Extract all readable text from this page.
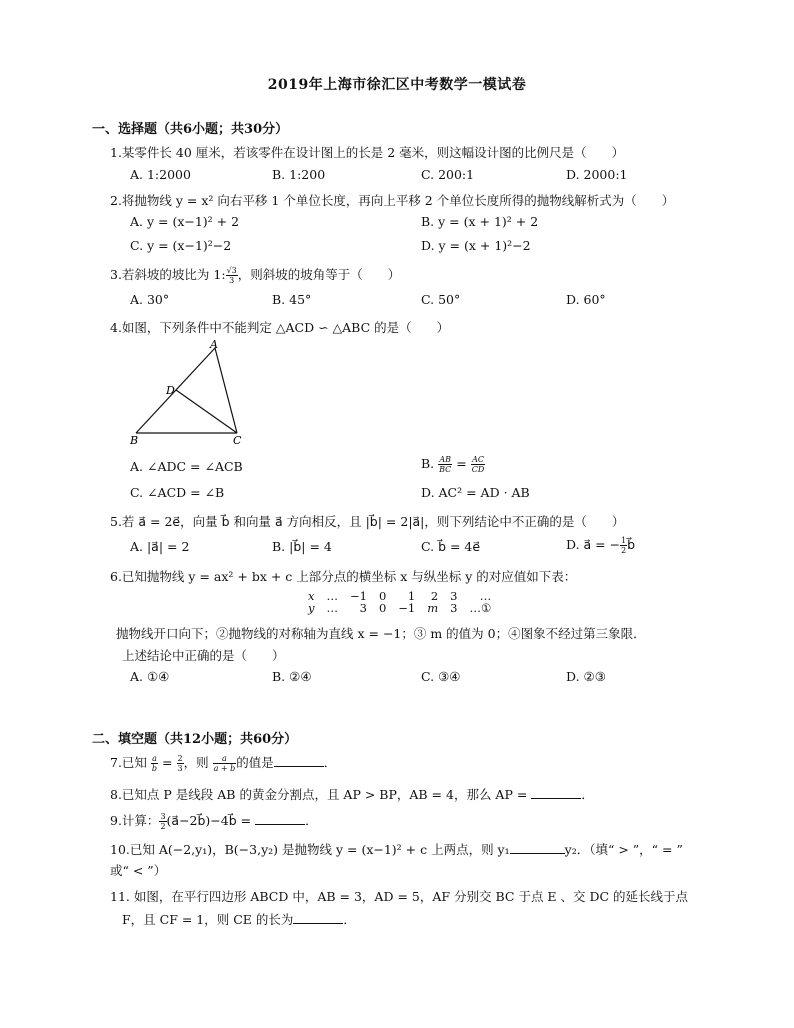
2019年上海市徐汇区中考数学一模试卷
一、选择题（共6小题；共30分）
1.某零件长 40 厘米，若该零件在设计图上的长是 2 毫米，则这幅设计图的比例尺是（　　）
A. 1:2000	B. 1:200	C. 200:1	D. 2000:1
2.将抛物线 y = x² 向右平移 1 个单位长度，再向上平移 2 个单位长度所得的抛物线解析式为（　　）
A. y = (x−1)² + 2	B. y = (x + 1)² + 2
C. y = (x−1)²−2	D. y = (x + 1)²−2
3.若斜坡的坡比为 1: $\frac{√3}{3}$ ，则斜坡的坡角等于（　　）
A. 30°	B. 45°	C. 50°	D. 60°
4.如图，下列条件中不能判定 △ACD ∽ △ABC 的是（　　）
A
D
B	C
A. ∠ADC = ∠ACB	B. $\frac{AB}{BC} = \frac{AC}{CD}$
C. ∠ACD = ∠B	D. AC² = AD · AB
5.若 a⃗ = 2e⃗，向量 b⃗ 和向量 a⃗ 方向相反，且 |b⃗| = 2|a⃗|，则下列结论中不正确的是（　　）
A. |a⃗| = 2	B. |b⃗| = 4	C. b⃗ = 4e⃗	D. a⃗ = − $\frac{1}{2}$ b⃗
6.已知抛物线 y = ax² + bx + c 上部分点的横坐标 x 与纵坐标 y 的对应值如下表：
x	…	−1	0	1	2	3	…
y	…	3	0	−1	m	3	…①
抛物线开口向下；②抛物线的对称轴为直线 x = −1；③ m 的值为 0；④图象不经过第三象限．
上述结论中正确的是（　　）
A. ①④	B. ②④	C. ③④	D. ②③
二、填空题（共12小题；共60分）
7.已知 $\frac{a}{b} = \frac{2}{3}$ ，则 $\frac{a}{a + b}$ 的值是	．
8.已知点 P 是线段 AB 的黄金分割点，且 AP > BP，AB = 4，那么 AP =	．
9.计算： $\frac{3}{2}$ (a⃗−2b⃗)−4b⃗ =	．
10.已知 A(−2,y₁)，B(−3,y₂) 是抛物线 y = (x−1)² + c 上两点，则 y₁	y₂．（填“ > ”，“ = ”
或“ < ”）
11. 如图，在平行四边形 ABCD 中，AB = 3，AD = 5，AF 分别交 BC 于点 E 、交 DC 的延长线于点
F，且 CF = 1，则 CE 的长为	．
